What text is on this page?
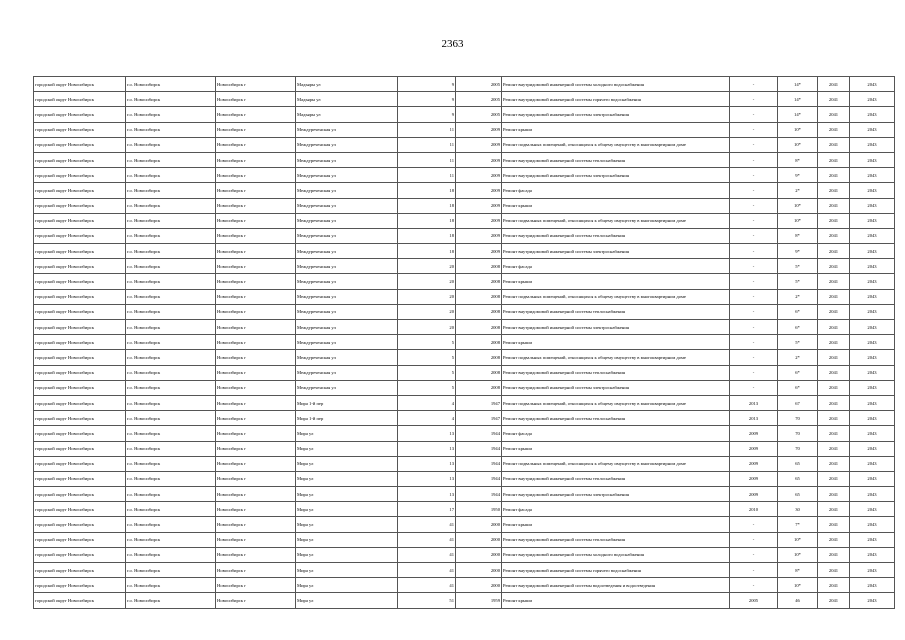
2363
городской округ Новосибирск	г.о. Новосибирск	Новосибирск г	Мадьяры ул	9	2005	Ремонт внутридомовой инженерной системы холодного водоснабжения	-	14*	2041	2043
городской округ Новосибирск	г.о. Новосибирск	Новосибирск г	Мадьяры ул	9	2005	Ремонт внутридомовой инженерной системы горячего водоснабжения	-	14*	2041	2043
городской округ Новосибирск	г.о. Новосибирск	Новосибирск г	Мадьяры ул	9	2005	Ремонт внутридомовой инженерной системы электроснабжения	-	14*	2041	2043
городской округ Новосибирск	г.о. Новосибирск	Новосибирск г	Междуреченская ул	11	2009	Ремонт крыши	-	10*	2041	2043
городской округ Новосибирск	г.о. Новосибирск	Новосибирск г	Междуреченская ул	11	2009	Ремонт подвальных помещений, относящихся к общему имуществу в многоквартирном доме	-	10*	2041	2043
городской округ Новосибирск	г.о. Новосибирск	Новосибирск г	Междуреченская ул	11	2009	Ремонт внутридомовой инженерной системы теплоснабжения	-	8*	2041	2043
городской округ Новосибирск	г.о. Новосибирск	Новосибирск г	Междуреченская ул	11	2009	Ремонт внутридомовой инженерной системы электроснабжения	-	9*	2041	2043
городской округ Новосибирск	г.о. Новосибирск	Новосибирск г	Междуреченская ул	18	2009	Ремонт фасада	-	2*	2041	2043
городской округ Новосибирск	г.о. Новосибирск	Новосибирск г	Междуреченская ул	18	2009	Ремонт крыши	-	10*	2041	2043
городской округ Новосибирск	г.о. Новосибирск	Новосибирск г	Междуреченская ул	18	2009	Ремонт подвальных помещений, относящихся к общему имуществу в многоквартирном доме	-	10*	2041	2043
городской округ Новосибирск	г.о. Новосибирск	Новосибирск г	Междуреченская ул	18	2009	Ремонт внутридомовой инженерной системы теплоснабжения	-	8*	2041	2043
городской округ Новосибирск	г.о. Новосибирск	Новосибирск г	Междуреченская ул	18	2009	Ремонт внутридомовой инженерной системы электроснабжения	-	9*	2041	2043
городской округ Новосибирск	г.о. Новосибирск	Новосибирск г	Междуреченская ул	20	2008	Ремонт фасада	-	5*	2041	2043
городской округ Новосибирск	г.о. Новосибирск	Новосибирск г	Междуреченская ул	20	2008	Ремонт крыши	-	5*	2041	2043
городской округ Новосибирск	г.о. Новосибирск	Новосибирск г	Междуреченская ул	20	2008	Ремонт подвальных помещений, относящихся к общему имуществу в многоквартирном доме	-	2*	2041	2043
городской округ Новосибирск	г.о. Новосибирск	Новосибирск г	Междуреченская ул	20	2008	Ремонт внутридомовой инженерной системы теплоснабжения	-	6*	2041	2043
городской округ Новосибирск	г.о. Новосибирск	Новосибирск г	Междуреченская ул	20	2008	Ремонт внутридомовой инженерной системы электроснабжения	-	6*	2041	2043
городской округ Новосибирск	г.о. Новосибирск	Новосибирск г	Междуреченская ул	5	2008	Ремонт крыши	-	5*	2041	2043
городской округ Новосибирск	г.о. Новосибирск	Новосибирск г	Междуреченская ул	5	2008	Ремонт подвальных помещений, относящихся к общему имуществу в многоквартирном доме	-	2*	2041	2043
городской округ Новосибирск	г.о. Новосибирск	Новосибирск г	Междуреченская ул	5	2008	Ремонт внутридомовой инженерной системы теплоснабжения	-	6*	2041	2043
городской округ Новосибирск	г.о. Новосибирск	Новосибирск г	Междуреченская ул	5	2008	Ремонт внутридомовой инженерной системы электроснабжения	-	6*	2041	2043
городской округ Новосибирск	г.о. Новосибирск	Новосибирск г	Мира 1-й пер	4	1947	Ремонт подвальных помещений, относящихся к общему имуществу в многоквартирном доме	2013	67	2041	2043
городской округ Новосибирск	г.о. Новосибирск	Новосибирск г	Мира 1-й пер	4	1947	Ремонт внутридомовой инженерной системы теплоснабжения	2013	70	2041	2043
городской округ Новосибирск	г.о. Новосибирск	Новосибирск г	Мира ул	13	1944	Ремонт фасада	2009	70	2041	2043
городской округ Новосибирск	г.о. Новосибирск	Новосибирск г	Мира ул	13	1944	Ремонт крыши	2009	70	2041	2043
городской округ Новосибирск	г.о. Новосибирск	Новосибирск г	Мира ул	13	1944	Ремонт подвальных помещений, относящихся к общему имуществу в многоквартирном доме	2009	65	2041	2043
городской округ Новосибирск	г.о. Новосибирск	Новосибирск г	Мира ул	13	1944	Ремонт внутридомовой инженерной системы теплоснабжения	2009	65	2041	2043
городской округ Новосибирск	г.о. Новосибирск	Новосибирск г	Мира ул	13	1944	Ремонт внутридомовой инженерной системы электроснабжения	2009	65	2041	2043
городской округ Новосибирск	г.о. Новосибирск	Новосибирск г	Мира ул	17	1950	Ремонт фасада	2010	30	2041	2043
городской округ Новосибирск	г.о. Новосибирск	Новосибирск г	Мира ул	41	2000	Ремонт крыши	-	7*	2041	2043
городской округ Новосибирск	г.о. Новосибирск	Новосибирск г	Мира ул	41	2000	Ремонт внутридомовой инженерной системы теплоснабжения	-	10*	2041	2043
городской округ Новосибирск	г.о. Новосибирск	Новосибирск г	Мира ул	41	2000	Ремонт внутридомовой инженерной системы холодного водоснабжения	-	10*	2041	2043
городской округ Новосибирск	г.о. Новосибирск	Новосибирск г	Мира ул	41	2000	Ремонт внутридомовой инженерной системы горячего водоснабжения	-	8*	2041	2043
городской округ Новосибирск	г.о. Новосибирск	Новосибирск г	Мира ул	41	2000	Ремонт внутридомовой инженерной системы водоотведения и водоотведения	-	10*	2041	2043
городской округ Новосибирск	г.о. Новосибирск	Новосибирск г	Мира ул	51	1959	Ремонт крыши	2005	46	2041	2043
